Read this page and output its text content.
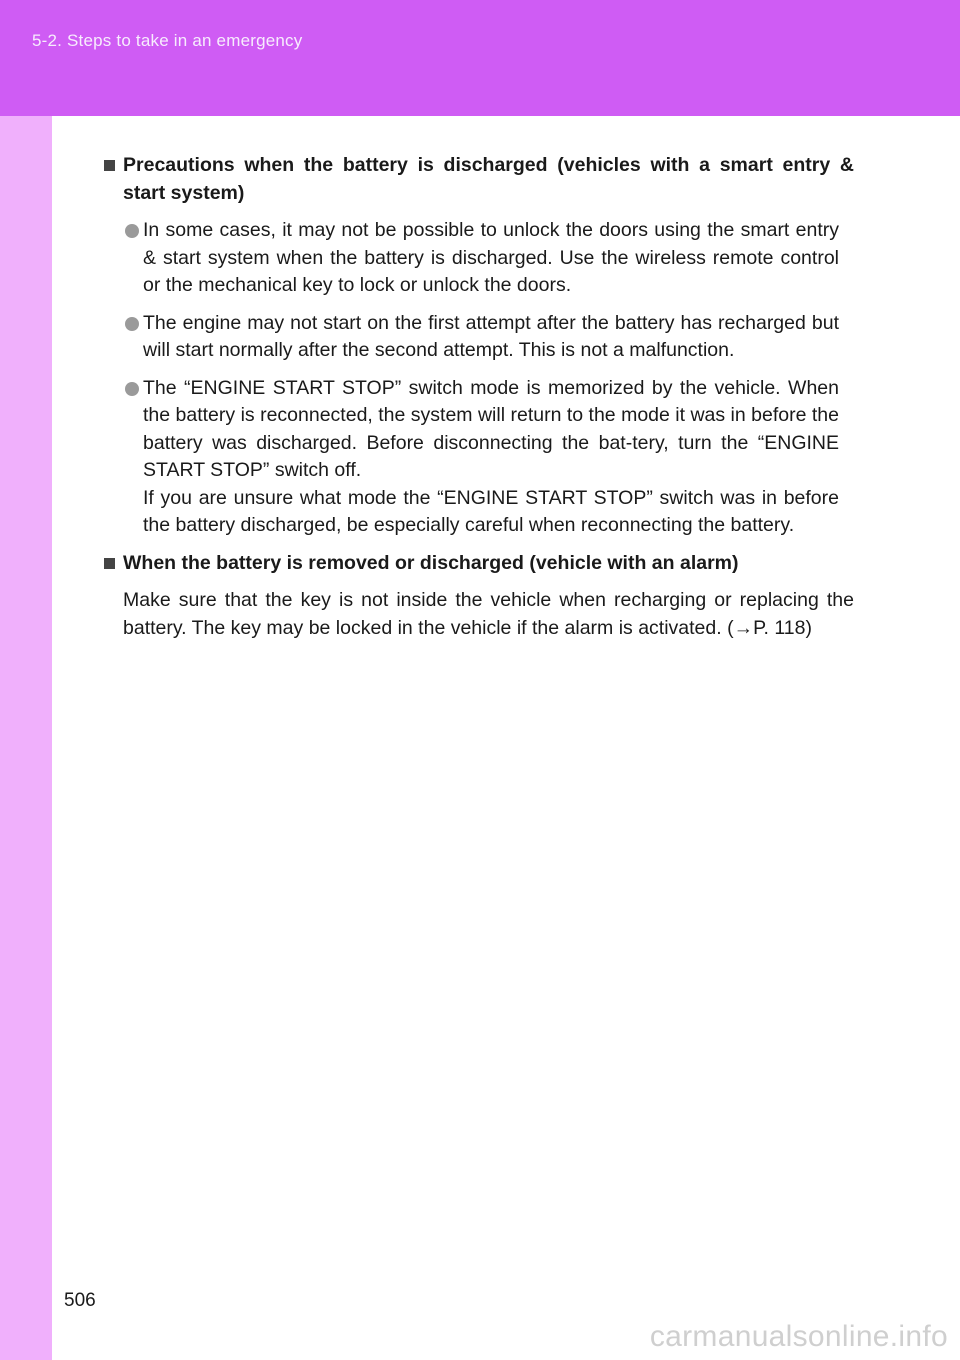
5-2. Steps to take in an emergency
Precautions when the battery is discharged (vehicles with a smart entry & start system)
In some cases, it may not be possible to unlock the doors using the smart entry & start system when the battery is discharged. Use the wireless remote control or the mechanical key to lock or unlock the doors.
The engine may not start on the first attempt after the battery has recharged but will start normally after the second attempt. This is not a malfunction.
The “ENGINE START STOP” switch mode is memorized by the vehicle. When the battery is reconnected, the system will return to the mode it was in before the battery was discharged. Before disconnecting the bat-tery, turn the “ENGINE START STOP” switch off.
If you are unsure what mode the “ENGINE START STOP” switch was in before the battery discharged, be especially careful when reconnecting the battery.
When the battery is removed or discharged (vehicle with an alarm)
Make sure that the key is not inside the vehicle when recharging or replacing the battery. The key may be locked in the vehicle if the alarm is activated. (→P. 118)
506
carmanualsonline.info
